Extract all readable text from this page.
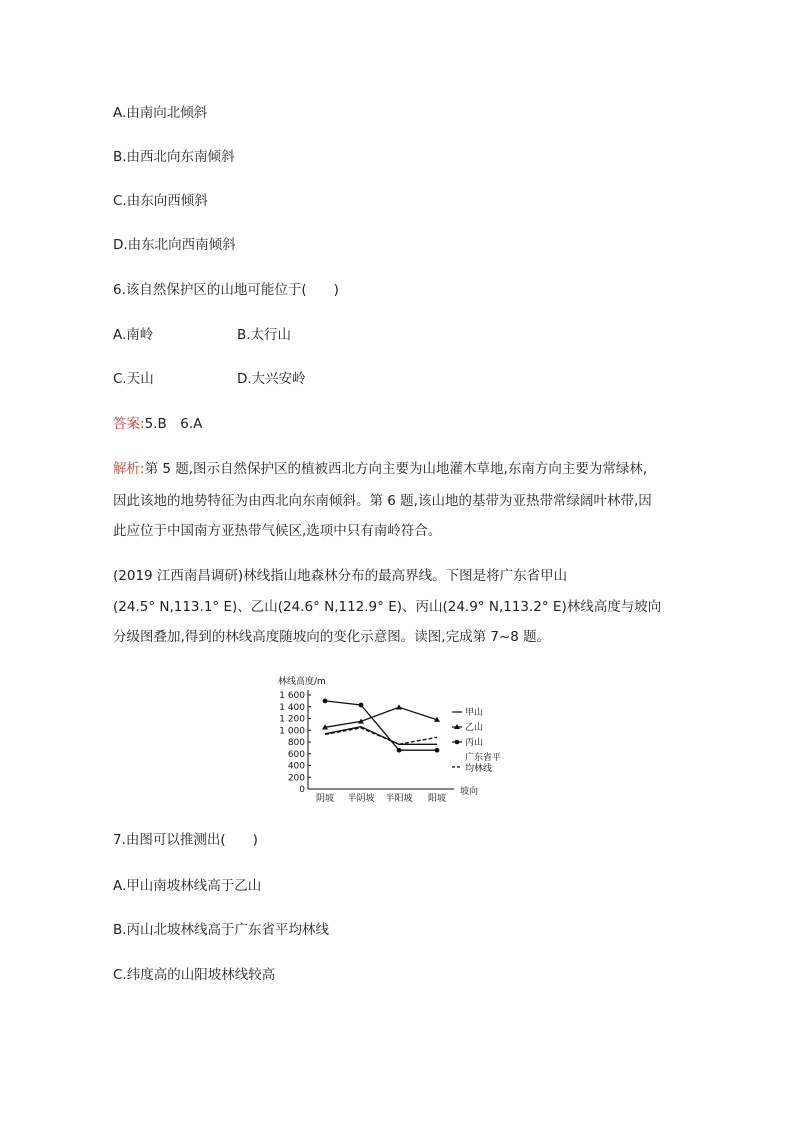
A.由南向北倾斜
B.由西北向东南倾斜
C.由东向西倾斜
D.由东北向西南倾斜
6.该自然保护区的山地可能位于(　　)
A.南岭	B.太行山
C.天山	D.大兴安岭
答案:5.B　6.A
解析:第 5 题,图示自然保护区的植被西北方向主要为山地灌木草地,东南方向主要为常绿林,
因此该地的地势特征为由西北向东南倾斜。第 6 题,该山地的基带为亚热带常绿阔叶林带,因
此应位于中国南方亚热带气候区,选项中只有南岭符合。
(2019 江西南昌调研)林线指山地森林分布的最高界线。下图是将广东省甲山
(24.5° N,113.1° E)、乙山(24.6° N,112.9° E)、丙山(24.9° N,113.2° E)林线高度与坡向
分级图叠加,得到的林线高度随坡向的变化示意图。读图,完成第 7~8 题。
林线高度/m
坡向
1 600
1 400
1 200
1 000
800
600
400
200
0
阴坡 半阴坡 半阳坡 阳坡
甲山
乙山
丙山
广东省平
均林线
7.由图可以推测出(　　)
A.甲山南坡林线高于乙山
B.丙山北坡林线高于广东省平均林线
C.纬度高的山阳坡林线较高
